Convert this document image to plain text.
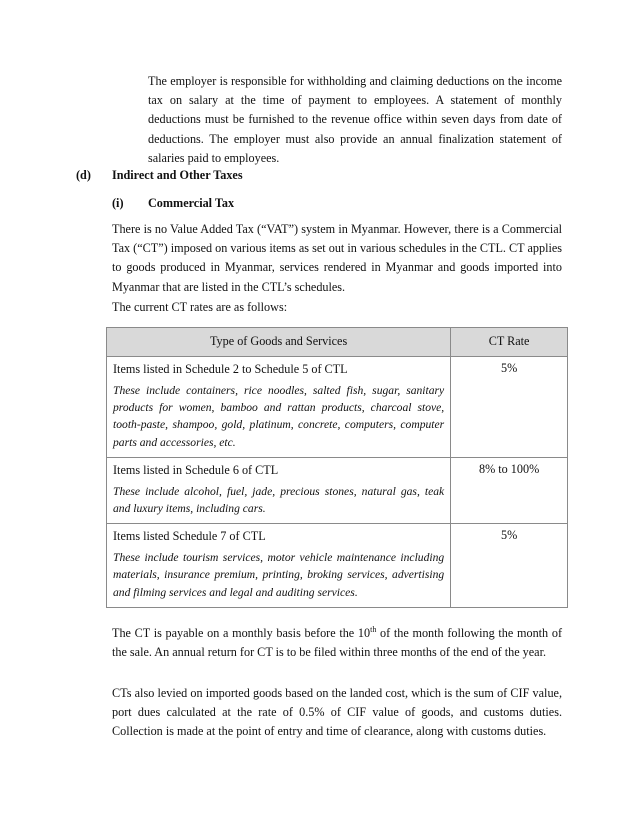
The employer is responsible for withholding and claiming deductions on the income tax on salary at the time of payment to employees. A statement of monthly deductions must be furnished to the revenue office within seven days from date of deductions. The employer must also provide an annual finalization statement of salaries paid to employees.

(d) Indirect and Other Taxes
(i) Commercial Tax

There is no Value Added Tax (“VAT”) system in Myanmar. However, there is a Commercial Tax (“CT”) imposed on various items as set out in various schedules in the CTL. CT applies to goods produced in Myanmar, services rendered in Myanmar and goods imported into Myanmar that are listed in the CTL’s schedules.

The current CT rates are as follows:

Type of Goods and Services	CT Rate

Items listed in Schedule 2 to Schedule 5 of CTL

These include containers, rice noodles, salted fish, sugar, sanitary products for women, bamboo and rattan products, charcoal stove, tooth-paste, shampoo, gold, platinum, concrete, computers, computer parts and accessories, etc.	5%

Items listed in Schedule 6 of CTL

These include alcohol, fuel, jade, precious stones, natural gas, teak and luxury items, including cars.	8% to 100%

Items listed Schedule 7 of CTL

These include tourism services, motor vehicle maintenance including materials, insurance premium, printing, broking services, advertising and filming services and legal and auditing services.	5%

The CT is payable on a monthly basis before the 10th of the month following the month of the sale. An annual return for CT is to be filed within three months of the end of the year.

CTs also levied on imported goods based on the landed cost, which is the sum of CIF value, port dues calculated at the rate of 0.5% of CIF value of goods, and customs duties. Collection is made at the point of entry and time of clearance, along with customs duties.
